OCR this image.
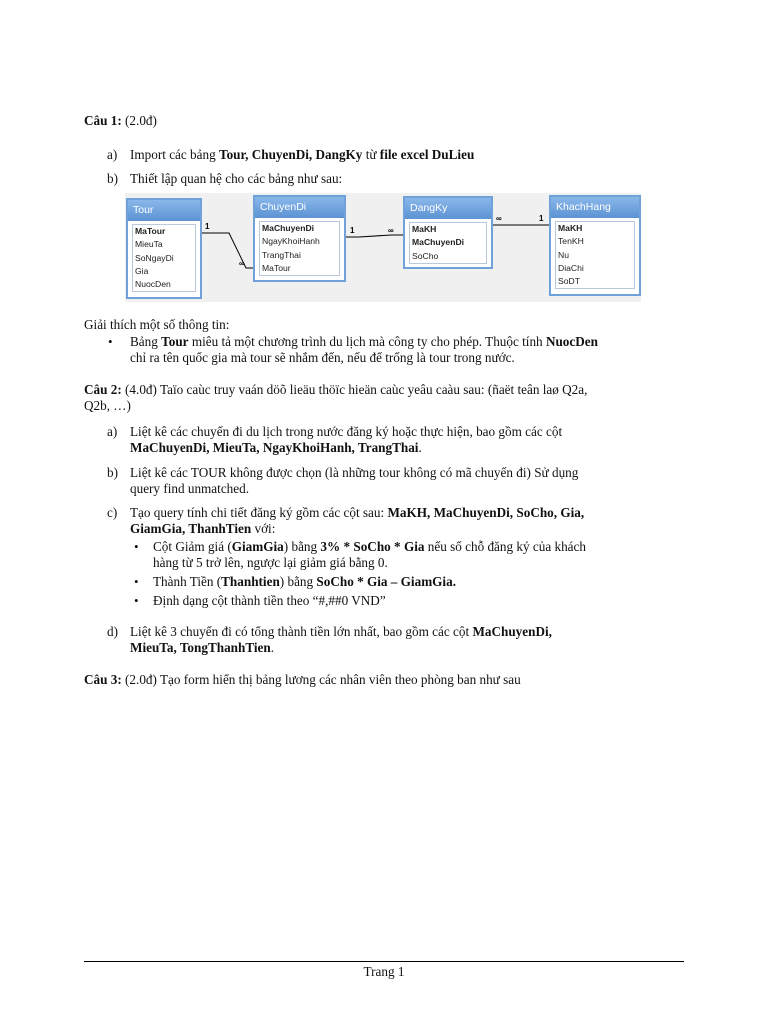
Câu 1: (2.0đ)
a) Import các bảng Tour, ChuyenDi, DangKy từ file excel DuLieu
b) Thiết lập quan hệ cho các bảng như sau:
Tour
MaTour
MieuTa
SoNgayDi
Gia
NuocDen
ChuyenDi
MaChuyenDi
NgayKhoiHanh
TrangThai
MaTour
DangKy
MaKH
MaChuyenDi
SoCho
KhachHang
MaKH
TenKH
Nu
DiaChi
SoDT
1
∞
1	∞
∞	1
Giải thích một số thông tin:
• Bảng Tour miêu tả một chương trình du lịch mà công ty cho phép. Thuộc tính NuocDen
chỉ ra tên quốc gia mà tour sẽ nhắm đến, nếu để trống là tour trong nước.
Câu 2: (4.0đ) Taïo caùc truy vaán döõ lieäu thöïc hieän caùc yeâu caàu sau: (ñaët teân laø Q2a,
Q2b, …)
a) Liệt kê các chuyến đi du lịch trong nước đăng ký hoặc thực hiện, bao gồm các cột
MaChuyenDi, MieuTa, NgayKhoiHanh, TrangThai.
b) Liệt kê các TOUR không được chọn (là những tour không có mã chuyến đi) Sử dụng
query find unmatched.
c) Tạo query tính chi tiết đăng ký gồm các cột sau: MaKH, MaChuyenDi, SoCho, Gia,
GiamGia, ThanhTien với:
• Cột Giảm giá (GiamGia) bằng 3% * SoCho * Gia nếu số chỗ đăng ký của khách
hàng từ 5 trở lên, ngược lại giảm giá bằng 0.
• Thành Tiền (Thanhtien) bằng SoCho * Gia – GiamGia.
• Định dạng cột thành tiền theo “#,##0 VND”
d) Liệt kê 3 chuyến đi có tổng thành tiền lớn nhất, bao gồm các cột MaChuyenDi,
MieuTa, TongThanhTien.
Câu 3: (2.0đ) Tạo form hiển thị bảng lương các nhân viên theo phòng ban như sau
Trang 1
